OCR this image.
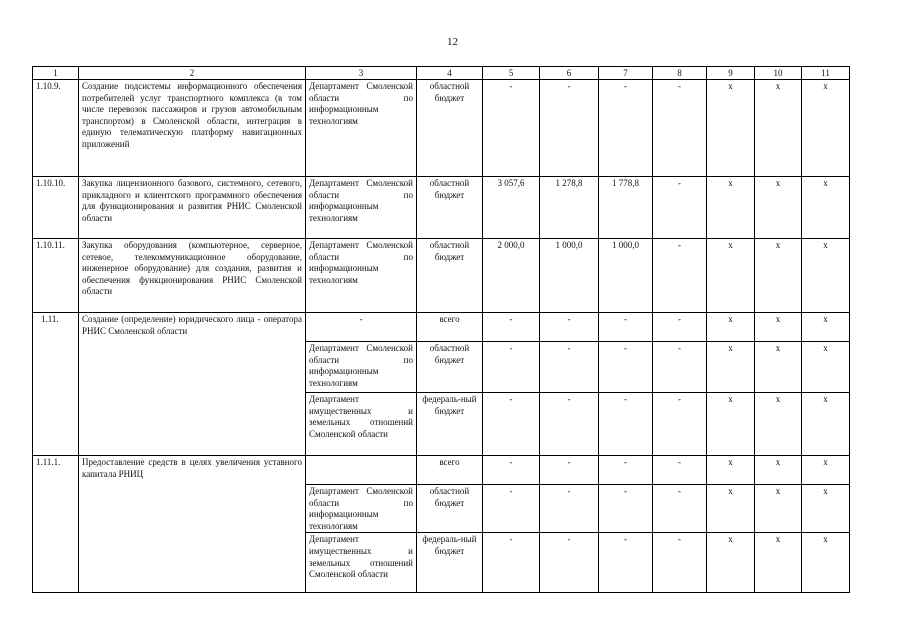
12
1	2	3	4	5	6	7	8	9	10	11
1.10.9.	Создание подсистемы информационного обеспечения потребителей услуг транспортного комплекса (в том числе перевозок пассажиров и грузов автомобильным транспортом) в Смоленской области, интеграция в единую телематическую платформу навигационных приложений	Департамент Смоленской области по информационным технологиям	областной бюджет	-	-	-	-	х	х	х
1.10.10.	Закупка лицензионного базового, системного, сетевого, прикладного и клиентского программного обеспечения для функционирования и развития РНИС Смоленской области	Департамент Смоленской области по информационным технологиям	областной бюджет	3 057,6	1 278,8	1 778,8	-	х	х	х
1.10.11.	Закупка оборудования (компьютерное, серверное, сетевое, телекоммуникационное оборудование, инженерное оборудование) для создания, развития и обеспечения функционирования РНИС Смоленской области	Департамент Смоленской области по информационным технологиям	областной бюджет	2 000,0	1 000,0	1 000,0	-	х	х	х
1.11.	Создание (определение) юридического лица - оператора РНИС Смоленской области	-	всего	-	-	-	-	х	х	х
		Департамент Смоленской области по информационным технологиям	областной бюджет	-	-	-	-	х	х	х
		Департамент имущественных и земельных отношений Смоленской области	федераль-ный бюджет	-	-	-	-	х	х	х
1.11.1.	Предоставление средств в целях увеличения уставного капитала РНИЦ		всего	-	-	-	-	х	х	х
		Департамент Смоленской области по информационным технологиям	областной бюджет	-	-	-	-	х	х	х
		Департамент имущественных и земельных отношений Смоленской области	федераль-ный бюджет	-	-	-	-	х	х	х
